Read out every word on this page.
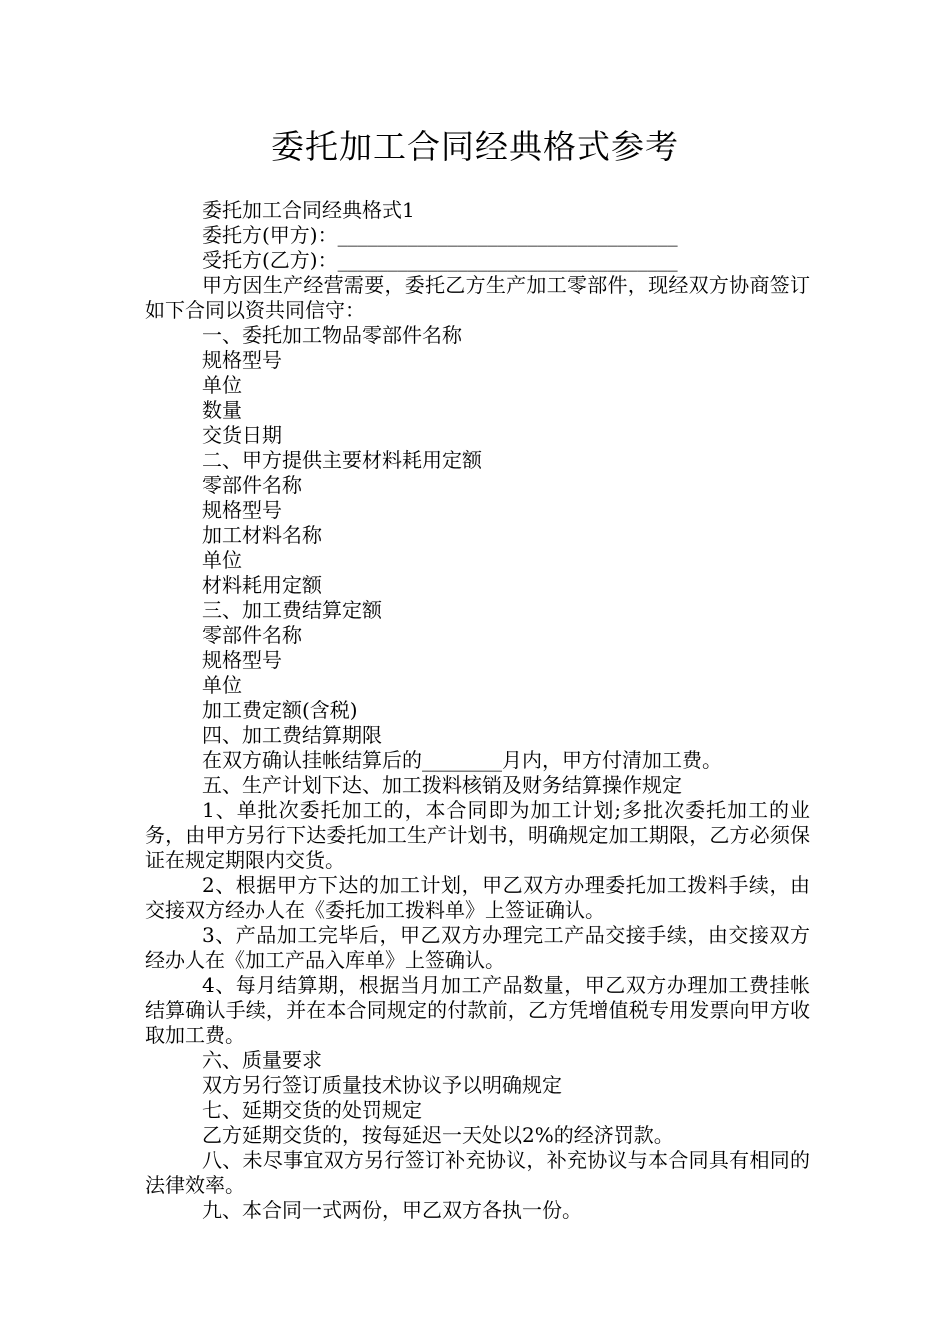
委托加工合同经典格式参考

委托加工合同经典格式1

委托方(甲方)：__________________________________

受托方(乙方)：__________________________________

甲方因生产经营需要，委托乙方生产加工零部件，现经双方协商签订如下合同以资共同信守：

一、委托加工物品零部件名称

规格型号

单位

数量

交货日期

二、甲方提供主要材料耗用定额

零部件名称

规格型号

加工材料名称

单位

材料耗用定额

三、加工费结算定额

零部件名称

规格型号

单位

加工费定额(含税)

四、加工费结算期限

在双方确认挂帐结算后的________月内，甲方付清加工费。

五、生产计划下达、加工拨料核销及财务结算操作规定

1、单批次委托加工的，本合同即为加工计划;多批次委托加工的业务，由甲方另行下达委托加工生产计划书，明确规定加工期限，乙方必须保证在规定期限内交货。

2、根据甲方下达的加工计划，甲乙双方办理委托加工拨料手续，由交接双方经办人在《委托加工拨料单》上签证确认。

3、产品加工完毕后，甲乙双方办理完工产品交接手续，由交接双方经办人在《加工产品入库单》上签确认。

4、每月结算期，根据当月加工产品数量，甲乙双方办理加工费挂帐结算确认手续，并在本合同规定的付款前，乙方凭增值税专用发票向甲方收取加工费。

六、质量要求

双方另行签订质量技术协议予以明确规定

七、延期交货的处罚规定

乙方延期交货的，按每延迟一天处以2%的经济罚款。

八、未尽事宜双方另行签订补充协议，补充协议与本合同具有相同的法律效率。

九、本合同一式两份，甲乙双方各执一份。
